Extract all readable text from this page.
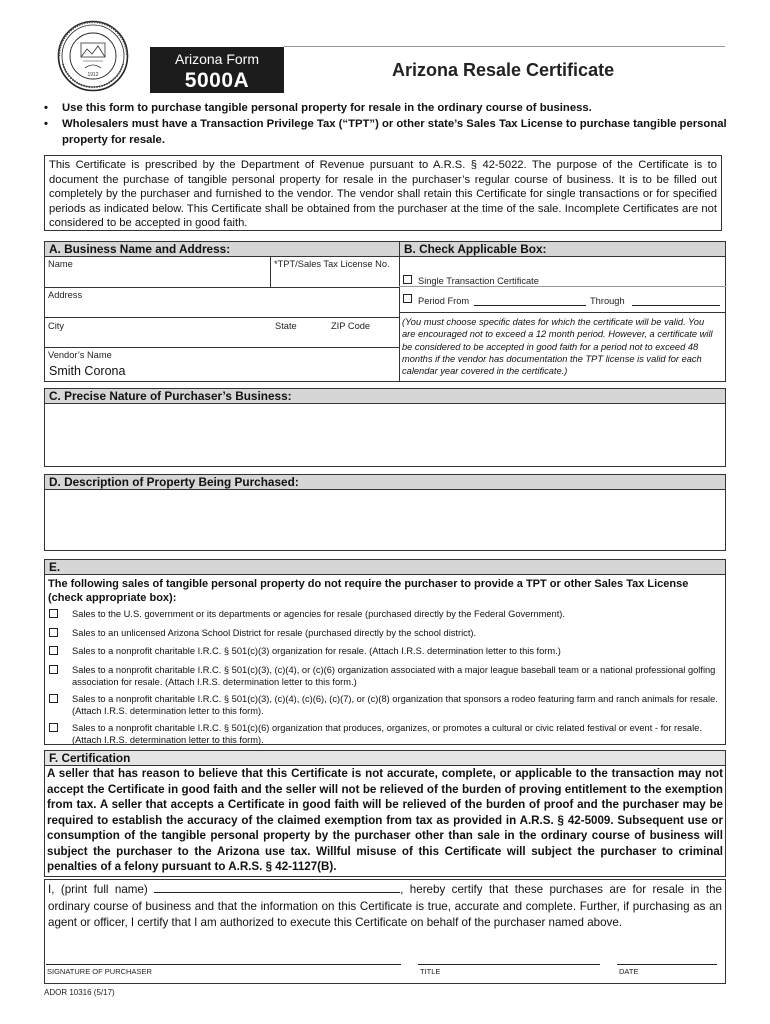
1912
Arizona Form
5000A	Arizona Resale Certificate
• Use this form to purchase tangible personal property for resale in the ordinary course of business.
• Wholesalers must have a Transaction Privilege Tax (“TPT”) or other state’s Sales Tax License to purchase tangible personal property for resale.
This Certificate is prescribed by the Department of Revenue pursuant to A.R.S. § 42-5022. The purpose of the Certificate is to document the purchase of tangible personal property for resale in the purchaser’s regular course of business. It is to be filled out completely by the purchaser and furnished to the vendor. The vendor shall retain this Certificate for single transactions or for specified periods as indicated below. This Certificate shall be obtained from the purchaser at the time of the sale. Incomplete Certificates are not considered to be accepted in good faith.
A. Business Name and Address:	B. Check Applicable Box:
Name	*TPT/Sales Tax License No.
Address
City	State	ZIP Code
Vendor’s Name
Smith Corona
Single Transaction Certificate
Period From	Through
(You must choose specific dates for which the certificate will be valid. You are encouraged not to exceed a 12 month period. However, a certificate will be considered to be accepted in good faith for a period not to exceed 48 months if the vendor has documentation the TPT license is valid for each calendar year covered in the certificate.)
C. Precise Nature of Purchaser’s Business:
D. Description of Property Being Purchased:
E.
The following sales of tangible personal property do not require the purchaser to provide a TPT or other Sales Tax License (check appropriate box):
Sales to the U.S. government or its departments or agencies for resale (purchased directly by the Federal Government).
Sales to an unlicensed Arizona School District for resale (purchased directly by the school district).
Sales to a nonprofit charitable I.R.C. § 501(c)(3) organization for resale. (Attach I.R.S. determination letter to this form.)
Sales to a nonprofit charitable I.R.C. § 501(c)(3), (c)(4), or (c)(6) organization associated with a major league baseball team or a national professional golfing association for resale. (Attach I.R.S. determination letter to this form.)
Sales to a nonprofit charitable I.R.C. § 501(c)(3), (c)(4), (c)(6), (c)(7), or (c)(8) organization that sponsors a rodeo featuring farm and ranch animals for resale. (Attach I.R.S. determination letter to this form).
Sales to a nonprofit charitable I.R.C. § 501(c)(6) organization that produces, organizes, or promotes a cultural or civic related festival or event - for resale. (Attach I.R.S. determination letter to this form).
F. Certification
A seller that has reason to believe that this Certificate is not accurate, complete, or applicable to the transaction may not accept the Certificate in good faith and the seller will not be relieved of the burden of proving entitlement to the exemption from tax. A seller that accepts a Certificate in good faith will be relieved of the burden of proof and the purchaser may be required to establish the accuracy of the claimed exemption from tax as provided in A.R.S. § 42-5009. Subsequent use or consumption of the tangible personal property by the purchaser other than sale in the ordinary course of business will subject the purchaser to the Arizona use tax. Willful misuse of this Certificate will subject the purchaser to criminal penalties of a felony pursuant to A.R.S. § 42-1127(B).
I, (print full name)	, hereby certify that these purchases are for resale in the ordinary course of business and that the information on this Certificate is true, accurate and complete. Further, if purchasing as an agent or officer, I certify that I am authorized to execute this Certificate on behalf of the purchaser named above.
SIGNATURE OF PURCHASER	TITLE	DATE
ADOR 10316 (5/17)
